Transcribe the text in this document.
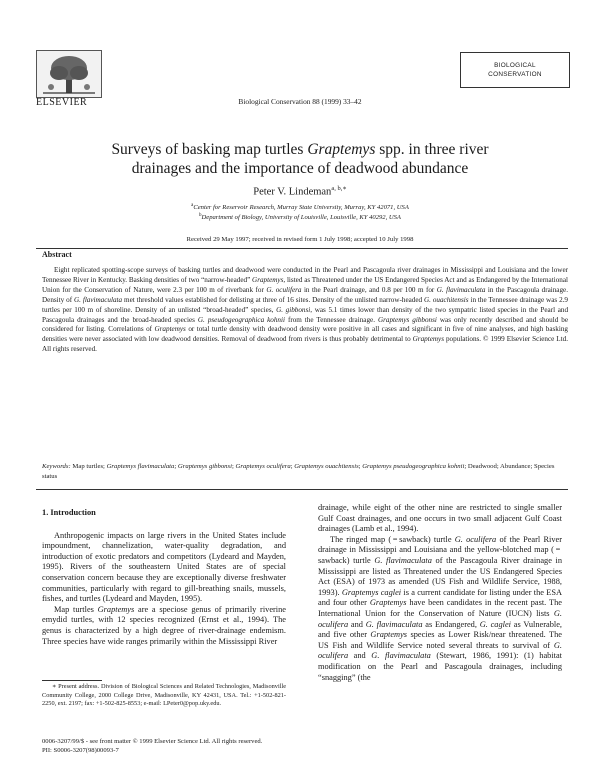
ELSEVIER	Biological Conservation 88 (1999) 33–42
BIOLOGICAL
CONSERVATION
Surveys of basking map turtles Graptemys spp. in three river
drainages and the importance of deadwood abundance
Peter V. Lindeman$^{a, b,∗}$
$^a$Center for Reservoir Research, Murray State University, Murray, KY 42071, USA
$^b$Department of Biology, University of Louisville, Louisville, KY 40292, USA
Received 29 May 1997; received in revised form 1 July 1998; accepted 10 July 1998
Abstract
Eight replicated spotting-scope surveys of basking turtles and deadwood were conducted in the Pearl and Pascagoula river drainages in Mississippi and Louisiana and the lower Tennessee River in Kentucky. Basking densities of two “narrow-headed” Graptemys, listed as Threatened under the US Endangered Species Act and as Endangered by the International Union for the Conservation of Nature, were 2.3 per 100 m of riverbank for G. oculifera in the Pearl drainage, and 0.8 per 100 m for G. flavimaculata in the Pascagoula drainage. Density of G. flavimaculata met threshold values established for delisting at three of 16 sites. Density of the unlisted narrow-headed G. ouachitensis in the Tennessee drainage was 2.9 turtles per 100 m of shoreline. Density of an unlisted “broad-headed” species, G. gibbonsi, was 5.1 times lower than density of the two sympatric listed species in the Pearl and Pascagoula drainages and the broad-headed species G. pseudogeographica kohnii from the Tennessee drainage. Graptemys gibbonsi was only recently described and should be considered for listing. Correlations of Graptemys or total turtle density with deadwood density were positive in all cases and significant in five of nine analyses, and high basking densities were never associated with low deadwood densities. Removal of deadwood from rivers is thus probably detrimental to Graptemys populations. © 1999 Elsevier Science Ltd. All rights reserved.
Keywords: Map turtles; Graptemys flavimaculata; Graptemys gibbonsi; Graptemys oculifera; Graptemys ouachitensis; Graptemys pseudogeographica kohnii; Deadwood; Abundance; Species status
1. Introduction

Anthropogenic impacts on large rivers in the United States include impoundment, channelization, water-quality degradation, and introduction of exotic predators and competitors (Lydeard and Mayden, 1995). Rivers of the southeastern United States are of special conservation concern because they are exceptionally diverse freshwater communities, particularly with regard to gill-breathing snails, mussels, fishes, and turtles (Lydeard and Mayden, 1995).

Map turtles Graptemys are a speciose genus of primarily riverine emydid turtles, with 12 species recognized (Ernst et al., 1994). The genus is characterized by a high degree of river-drainage endemism. Three species have wide ranges primarily within the Mississippi River

∗ Present address. Division of Biological Sciences and Related Technologies, Madisonville Community College, 2000 College Drive, Madisonville, KY 42431, USA. Tel.: +1-502-821-2250, ext. 2197; fax: +1-502-825-8553; e-mail: LPeter0@pop.uky.edu.

drainage, while eight of the other nine are restricted to single smaller Gulf Coast drainages, and one occurs in two small adjacent Gulf Coast drainages (Lamb et al., 1994).

The ringed map ( = sawback) turtle G. oculifera of the Pearl River drainage in Mississippi and Louisiana and the yellow-blotched map ( = sawback) turtle G. flavimaculata of the Pascagoula River drainage in Mississippi are listed as Threatened under the US Endangered Species Act (ESA) of 1973 as amended (US Fish and Wildlife Service, 1988, 1993). Graptemys caglei is a current candidate for listing under the ESA and four other Graptemys have been candidates in the recent past. The International Union for the Conservation of Nature (IUCN) lists G. oculifera and G. flavimaculata as Endangered, G. caglei as Vulnerable, and five other Graptemys species as Lower Risk/near threatened. The US Fish and Wildlife Service noted several threats to survival of G. oculifera and G. flavimaculata (Stewart, 1986, 1991): (1) habitat modification on the Pearl and Pascagoula drainages, including “snagging” (the

0006-3207/99/$ - see front matter © 1999 Elsevier Science Ltd. All rights reserved.
PII: S0006-3207(98)00093-7
